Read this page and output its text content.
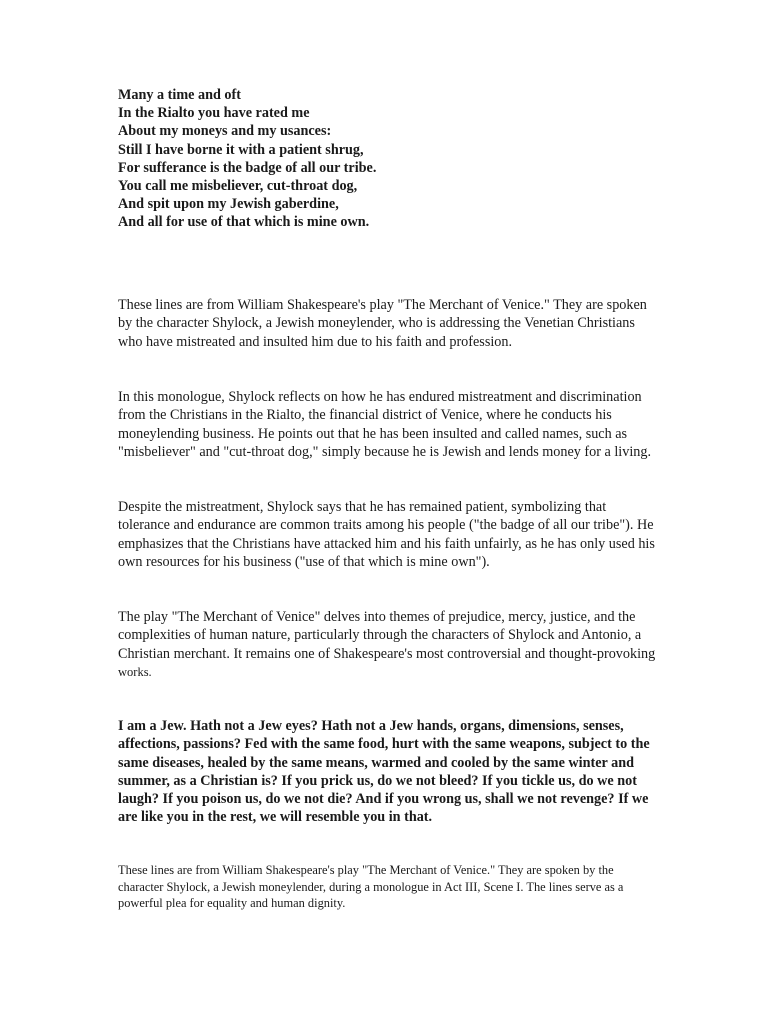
Many a time and oft
In the Rialto you have rated me
About my moneys and my usances:
Still I have borne it with a patient shrug,
For sufferance is the badge of all our tribe.
You call me misbeliever, cut-throat dog,
And spit upon my Jewish gaberdine,
And all for use of that which is mine own.

These lines are from William Shakespeare's play "The Merchant of Venice." They are spoken by the character Shylock, a Jewish moneylender, who is addressing the Venetian Christians who have mistreated and insulted him due to his faith and profession.

In this monologue, Shylock reflects on how he has endured mistreatment and discrimination from the Christians in the Rialto, the financial district of Venice, where he conducts his moneylending business. He points out that he has been insulted and called names, such as "misbeliever" and "cut-throat dog," simply because he is Jewish and lends money for a living.

Despite the mistreatment, Shylock says that he has remained patient, symbolizing that tolerance and endurance are common traits among his people ("the badge of all our tribe"). He emphasizes that the Christians have attacked him and his faith unfairly, as he has only used his own resources for his business ("use of that which is mine own").

The play "The Merchant of Venice" delves into themes of prejudice, mercy, justice, and the complexities of human nature, particularly through the characters of Shylock and Antonio, a Christian merchant. It remains one of Shakespeare's most controversial and thought-provoking works.

I am a Jew. Hath not a Jew eyes? Hath not a Jew hands, organs, dimensions, senses, affections, passions? Fed with the same food, hurt with the same weapons, subject to the same diseases, healed by the same means, warmed and cooled by the same winter and summer, as a Christian is? If you prick us, do we not bleed? If you tickle us, do we not laugh? If you poison us, do we not die? And if you wrong us, shall we not revenge? If we are like you in the rest, we will resemble you in that.

These lines are from William Shakespeare's play "The Merchant of Venice." They are spoken by the character Shylock, a Jewish moneylender, during a monologue in Act III, Scene I. The lines serve as a powerful plea for equality and human dignity.
